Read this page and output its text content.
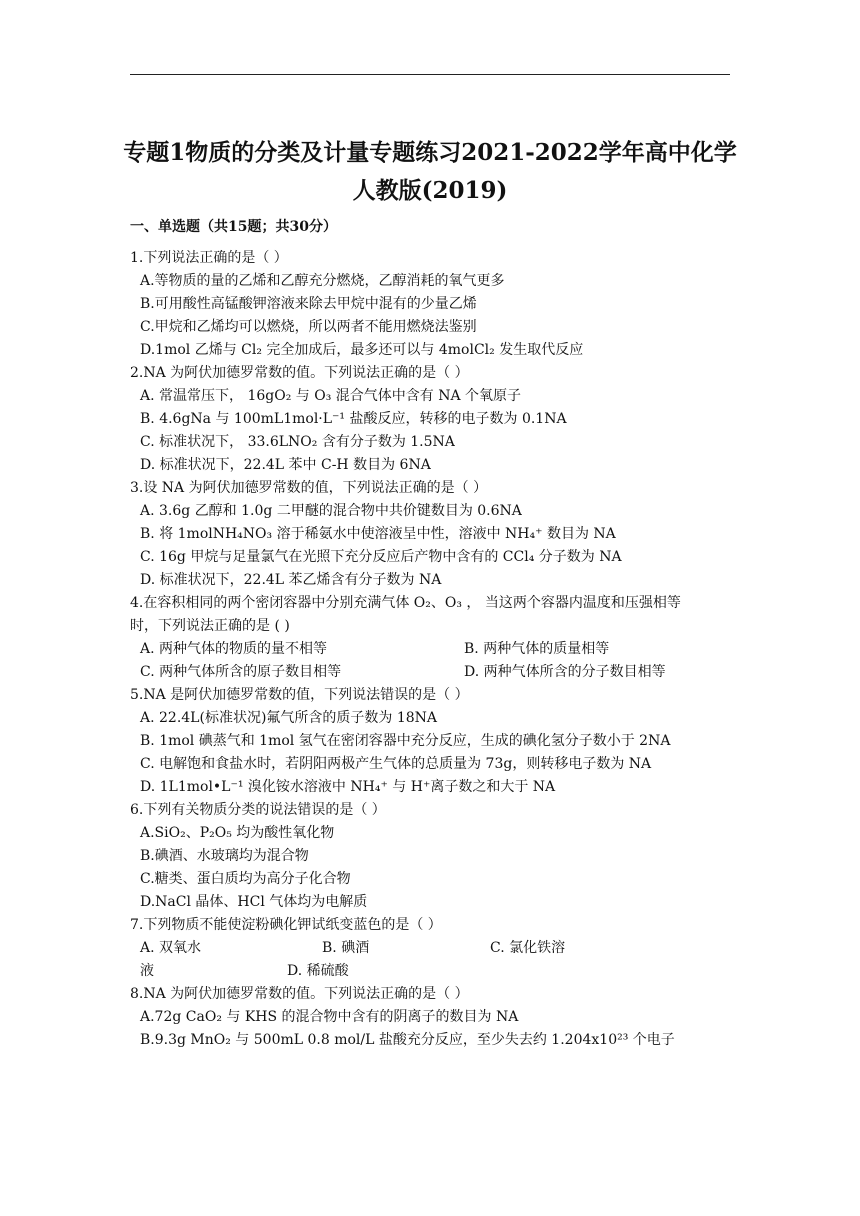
专题1物质的分类及计量专题练习2021-2022学年高中化学
人教版(2019)
一、单选题（共15题；共30分）
1.下列说法正确的是（ ）
A.等物质的量的乙烯和乙醇充分燃烧，乙醇消耗的氧气更多
B.可用酸性高锰酸钾溶液来除去甲烷中混有的少量乙烯
C.甲烷和乙烯均可以燃烧，所以两者不能用燃烧法鉴别
D.1mol 乙烯与 Cl₂ 完全加成后，最多还可以与 4molCl₂ 发生取代反应
2.NA 为阿伏加德罗常数的值。下列说法正确的是（ ）
A. 常温常压下， 16gO₂ 与 O₃ 混合气体中含有 NA 个氧原子
B. 4.6gNa 与 100mL1mol·L⁻¹ 盐酸反应，转移的电子数为 0.1NA
C. 标准状况下， 33.6LNO₂ 含有分子数为 1.5NA
D. 标准状况下，22.4L 苯中 C-H 数目为 6NA
3.设 NA 为阿伏加德罗常数的值，下列说法正确的是（ ）
A. 3.6g 乙醇和 1.0g 二甲醚的混合物中共价键数目为 0.6NA
B. 将 1molNH₄NO₃ 溶于稀氨水中使溶液呈中性，溶液中 NH₄⁺ 数目为 NA
C. 16g 甲烷与足量氯气在光照下充分反应后产物中含有的 CCl₄ 分子数为 NA
D. 标准状况下，22.4L 苯乙烯含有分子数为 NA
4.在容积相同的两个密闭容器中分别充满气体 O₂、O₃ ， 当这两个容器内温度和压强相等
时，下列说法正确的是 ( )
A. 两种气体的物质的量不相等	B. 两种气体的质量相等
C. 两种气体所含的原子数目相等	D. 两种气体所含的分子数目相等
5.NA 是阿伏加德罗常数的值，下列说法错误的是（ ）
A. 22.4L(标准状况)氟气所含的质子数为 18NA
B. 1mol 碘蒸气和 1mol 氢气在密闭容器中充分反应，生成的碘化氢分子数小于 2NA
C. 电解饱和食盐水时，若阴阳两极产生气体的总质量为 73g，则转移电子数为 NA
D. 1L1mol•L⁻¹ 溴化铵水溶液中 NH₄⁺ 与 H⁺离子数之和大于 NA
6.下列有关物质分类的说法错误的是（ ）
A.SiO₂、P₂O₅ 均为酸性氧化物
B.碘酒、水玻璃均为混合物
C.糖类、蛋白质均为高分子化合物
D.NaCl 晶体、HCl 气体均为电解质
7.下列物质不能使淀粉碘化钾试纸变蓝色的是（ ）
A. 双氧水	B. 碘酒	C. 氯化铁溶
液	D. 稀硫酸
8.NA 为阿伏加德罗常数的值。下列说法正确的是（ ）
A.72g CaO₂ 与 KHS 的混合物中含有的阴离子的数目为 NA
B.9.3g MnO₂ 与 500mL 0.8 mol/L 盐酸充分反应，至少失去约 1.204x10²³ 个电子
